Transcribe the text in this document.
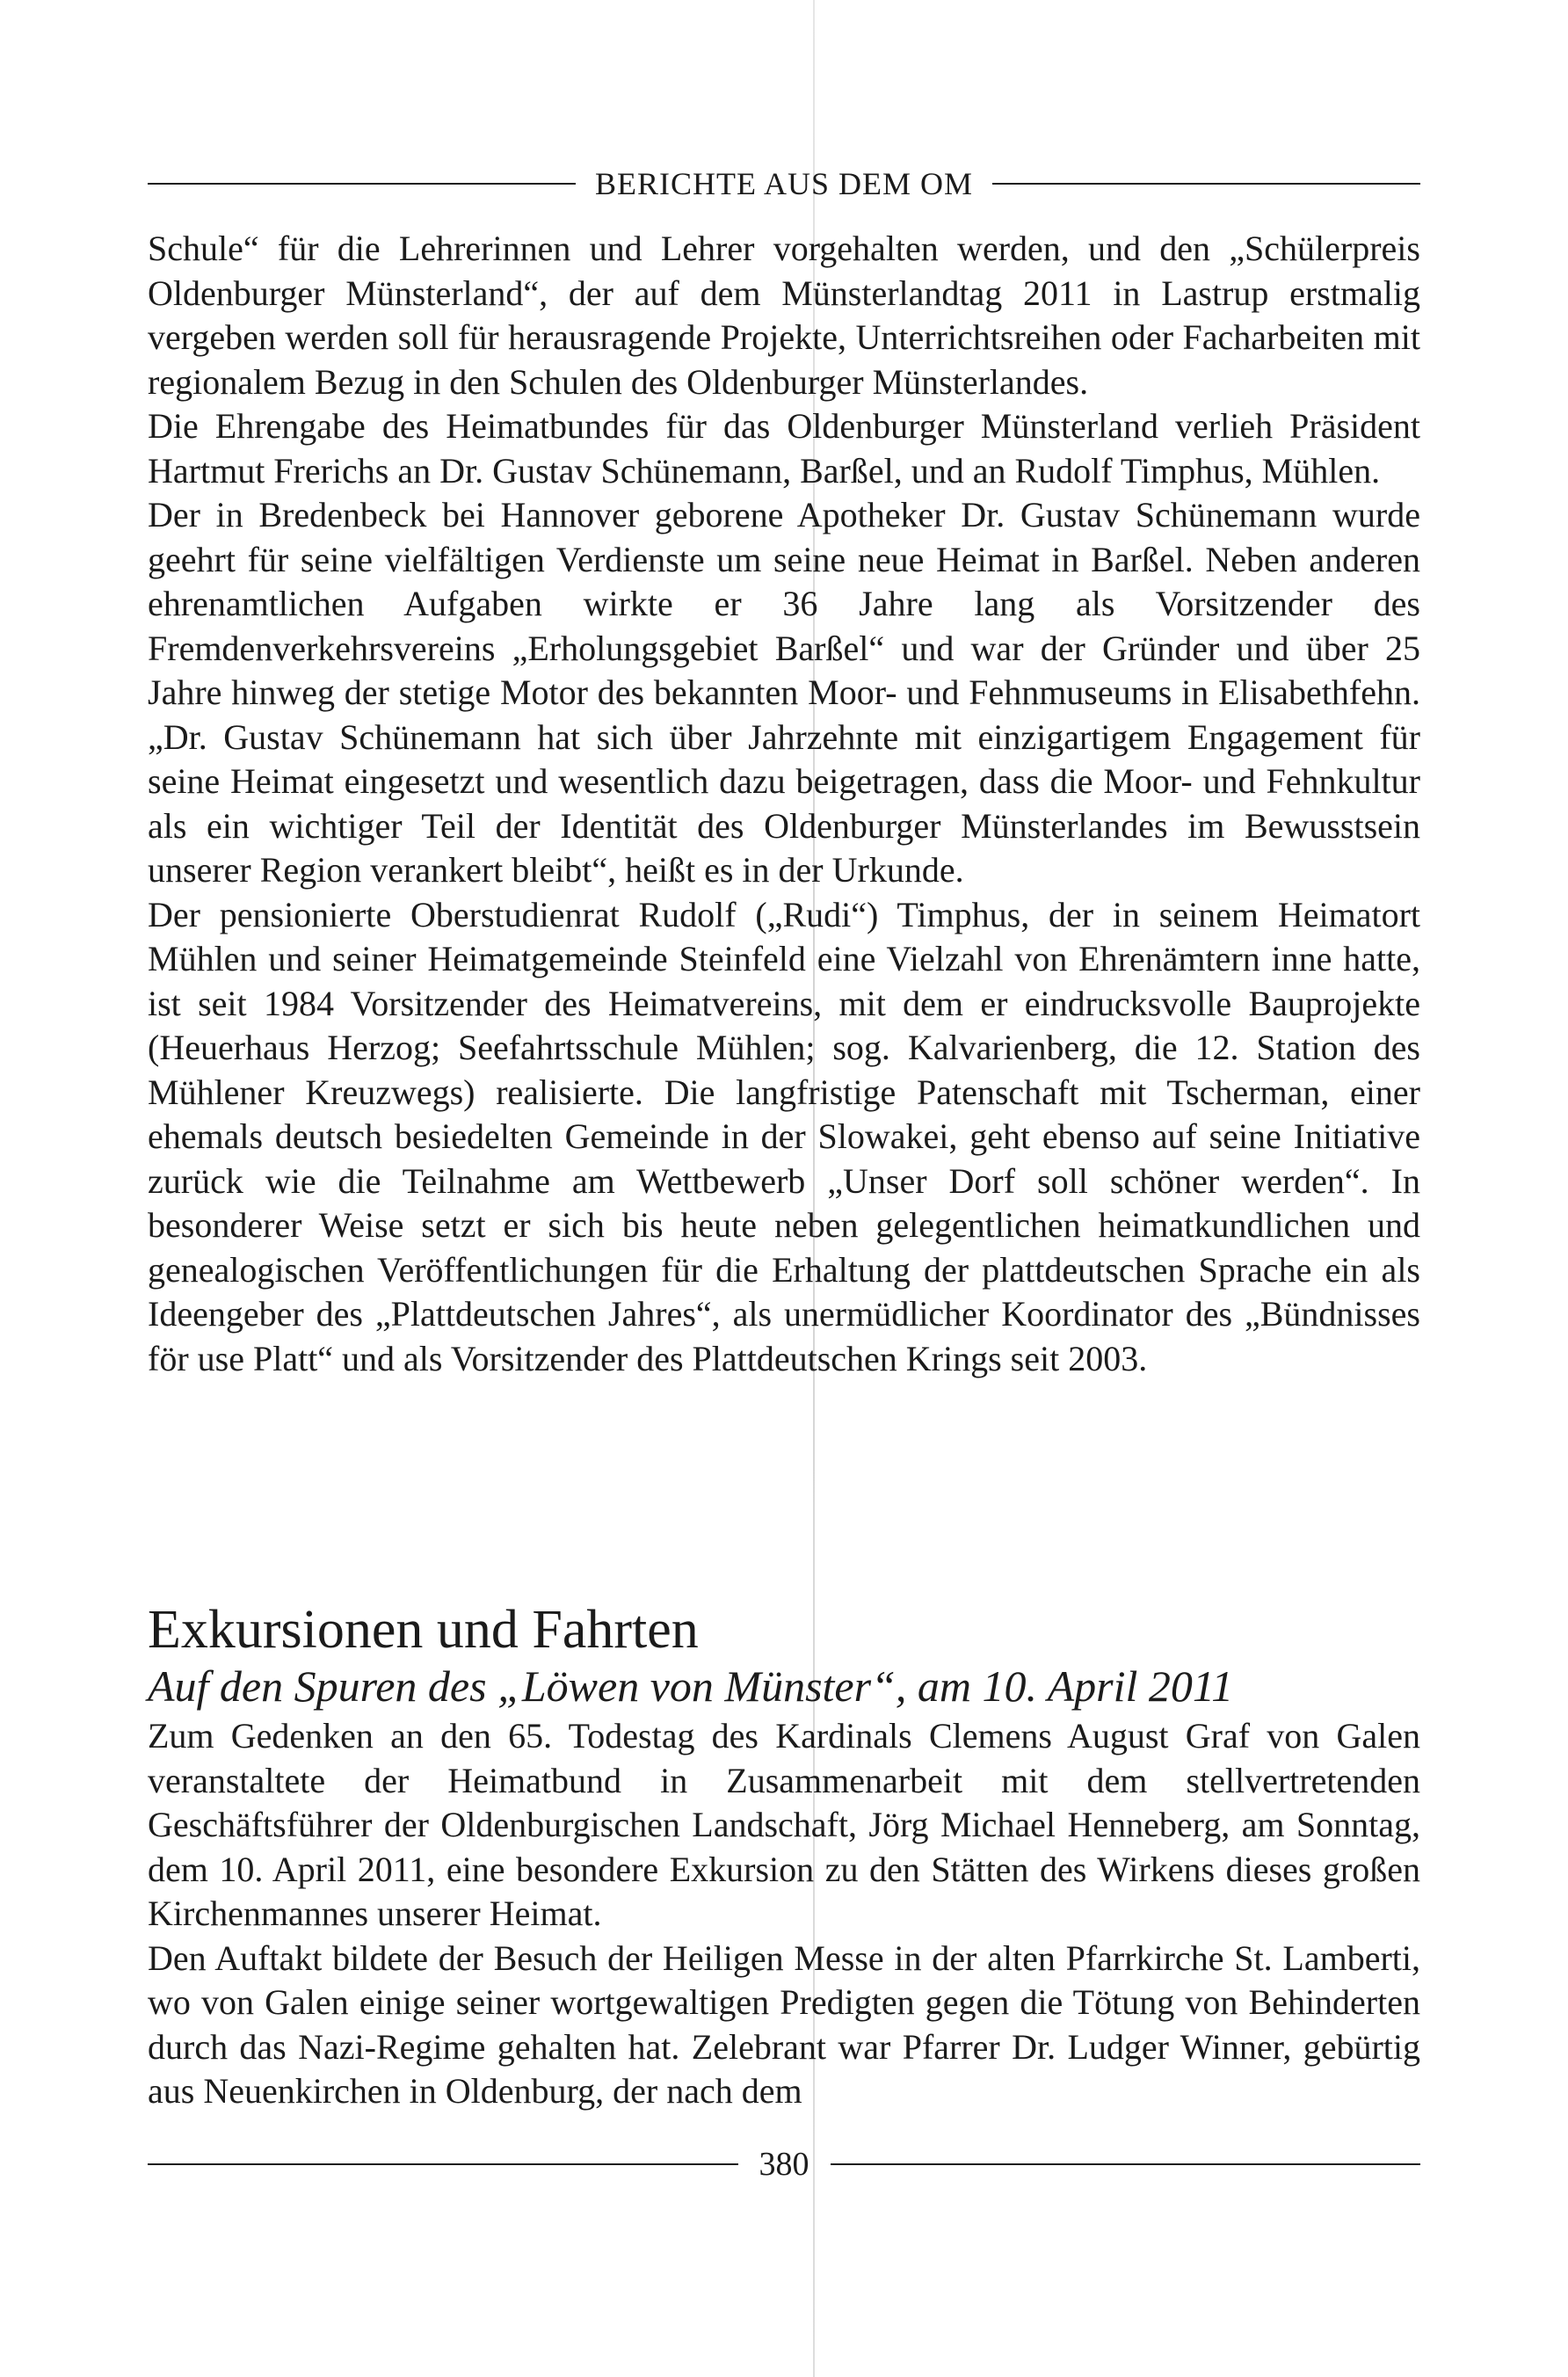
BERICHTE AUS DEM OM

Schule“ für die Lehrerinnen und Lehrer vorgehalten werden, und den „Schülerpreis Oldenburger Münsterland“, der auf dem Münsterlandtag 2011 in Lastrup erstmalig vergeben werden soll für herausragende Projekte, Unterrichtsreihen oder Facharbeiten mit regionalem Bezug in den Schulen des Oldenburger Münsterlandes.

Die Ehrengabe des Heimatbundes für das Oldenburger Münsterland verlieh Präsident Hartmut Frerichs an Dr. Gustav Schünemann, Barßel, und an Rudolf Timphus, Mühlen.

Der in Bredenbeck bei Hannover geborene Apotheker Dr. Gustav Schünemann wurde geehrt für seine vielfältigen Verdienste um seine neue Heimat in Barßel. Neben anderen ehrenamtlichen Aufgaben wirkte er 36 Jahre lang als Vorsitzender des Fremdenverkehrsvereins „Erholungsgebiet Barßel“ und war der Gründer und über 25 Jahre hinweg der stetige Motor des bekannten Moor- und Fehnmuseums in Elisabethfehn. „Dr. Gustav Schünemann hat sich über Jahrzehnte mit einzigartigem Engagement für seine Heimat eingesetzt und wesentlich dazu beigetragen, dass die Moor- und Fehnkultur als ein wichtiger Teil der Identität des Oldenburger Münsterlandes im Bewusstsein unserer Region verankert bleibt“, heißt es in der Urkunde.

Der pensionierte Oberstudienrat Rudolf („Rudi“) Timphus, der in seinem Heimatort Mühlen und seiner Heimatgemeinde Steinfeld eine Vielzahl von Ehrenämtern inne hatte, ist seit 1984 Vorsitzender des Heimatvereins, mit dem er eindrucksvolle Bauprojekte (Heuerhaus Herzog; Seefahrtsschule Mühlen; sog. Kalvarienberg, die 12. Station des Mühlener Kreuzwegs) realisierte. Die langfristige Patenschaft mit Tscherman, einer ehemals deutsch besiedelten Gemeinde in der Slowakei, geht ebenso auf seine Initiative zurück wie die Teilnahme am Wettbewerb „Unser Dorf soll schöner werden“. In besonderer Weise setzt er sich bis heute neben gelegentlichen heimatkundlichen und genealogischen Veröffentlichungen für die Erhaltung der plattdeutschen Sprache ein als Ideengeber des „Plattdeutschen Jahres“, als unermüdlicher Koordinator des „Bündnisses för use Platt“ und als Vorsitzender des Plattdeutschen Krings seit 2003.

Exkursionen und Fahrten
Auf den Spuren des „Löwen von Münster“, am 10. April 2011

Zum Gedenken an den 65. Todestag des Kardinals Clemens August Graf von Galen veranstaltete der Heimatbund in Zusammenarbeit mit dem stellvertretenden Geschäftsführer der Oldenburgischen Landschaft, Jörg Michael Henneberg, am Sonntag, dem 10. April 2011, eine besondere Exkursion zu den Stätten des Wirkens dieses großen Kirchenmannes unserer Heimat.

Den Auftakt bildete der Besuch der Heiligen Messe in der alten Pfarrkirche St. Lamberti, wo von Galen einige seiner wortgewaltigen Predigten gegen die Tötung von Behinderten durch das Nazi-Regime gehalten hat. Zelebrant war Pfarrer Dr. Ludger Winner, gebürtig aus Neuenkirchen in Oldenburg, der nach dem

380
